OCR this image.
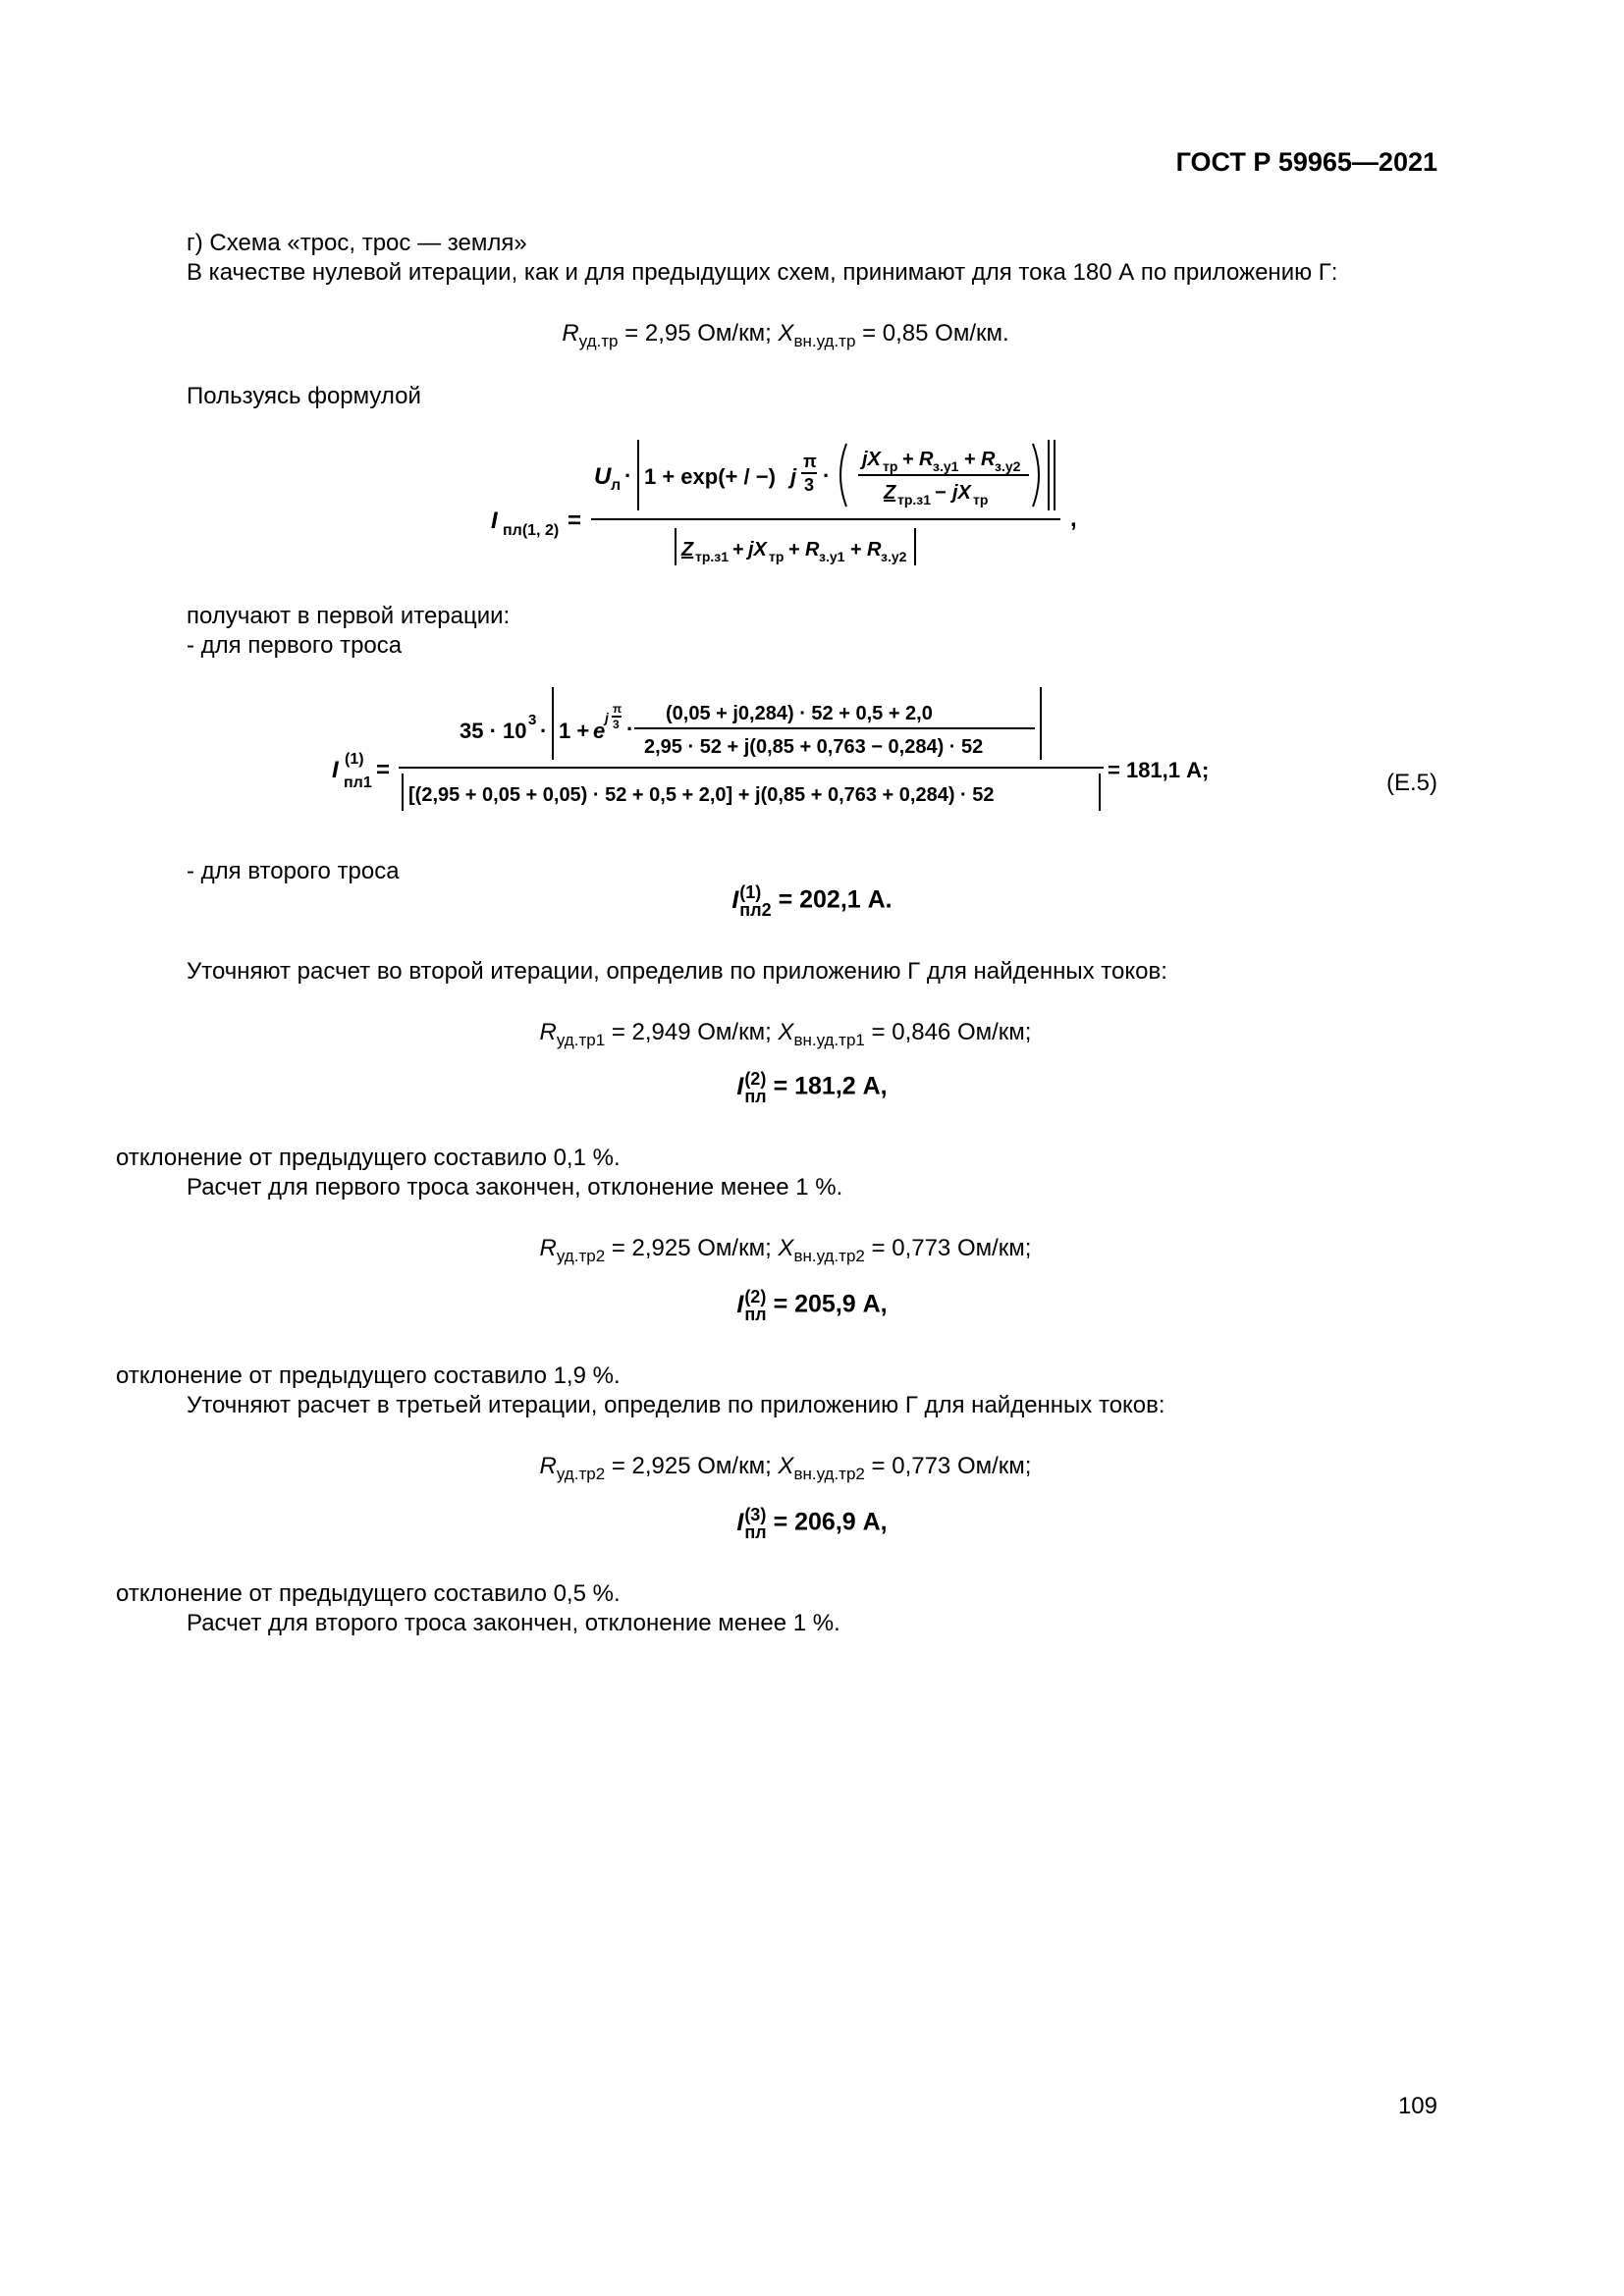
ГОСТ Р 59965—2021
г) Схема «трос, трос — земля»
В качестве нулевой итерации, как и для предыдущих схем, принимают для тока 180 А по приложению Г:
$R_{уд.тр} = 2,95$ Ом/км; $X_{вн.уд.тр} = 0,85$ Ом/км.
Пользуясь формулой
I пл(1, 2) =
U л · 1 + exp(+ / −) j
π
3 ·
jX тр + R з.у1 + R з.у2
Z тр.з1 − jX тр
Z тр.з1 + jX тр + R з.у1 + R з.у2
,
получают в первой итерации:
- для первого троса
I (1)
пл1 =
35 · 10 3 · 1 + e
j
π
3 ·
(0,05 + j0,284) · 52 + 0,5 + 2,0
2,95 · 52 + j(0,85 + 0,763 − 0,284) · 52
[(2,95 + 0,05 + 0,05) · 52 + 0,5 + 2,0] + j(0,85 + 0,763 + 0,284) · 52
= 181,1 А;	(Е.5)
- для второго троса
I (1)
пл2 = 202,1 А.
Уточняют расчет во второй итерации, определив по приложению Г для найденных токов:
$R_{уд.тр1} = 2,949$ Ом/км; $X_{вн.уд.тр1} = 0,846$ Ом/км;
I (2)
пл = 181,2 А,
отклонение от предыдущего составило 0,1 %.
Расчет для первого троса закончен, отклонение менее 1 %.
$R_{уд.тр2} = 2,925$ Ом/км; $X_{вн.уд.тр2} = 0,773$ Ом/км;
I (2)
пл = 205,9 А,
отклонение от предыдущего составило 1,9 %.
Уточняют расчет в третьей итерации, определив по приложению Г для найденных токов:
$R_{уд.тр2} = 2,925$ Ом/км; $X_{вн.уд.тр2} = 0,773$ Ом/км;
I (3)
пл = 206,9 А,
отклонение от предыдущего составило 0,5 %.
Расчет для второго троса закончен, отклонение менее 1 %.
109
